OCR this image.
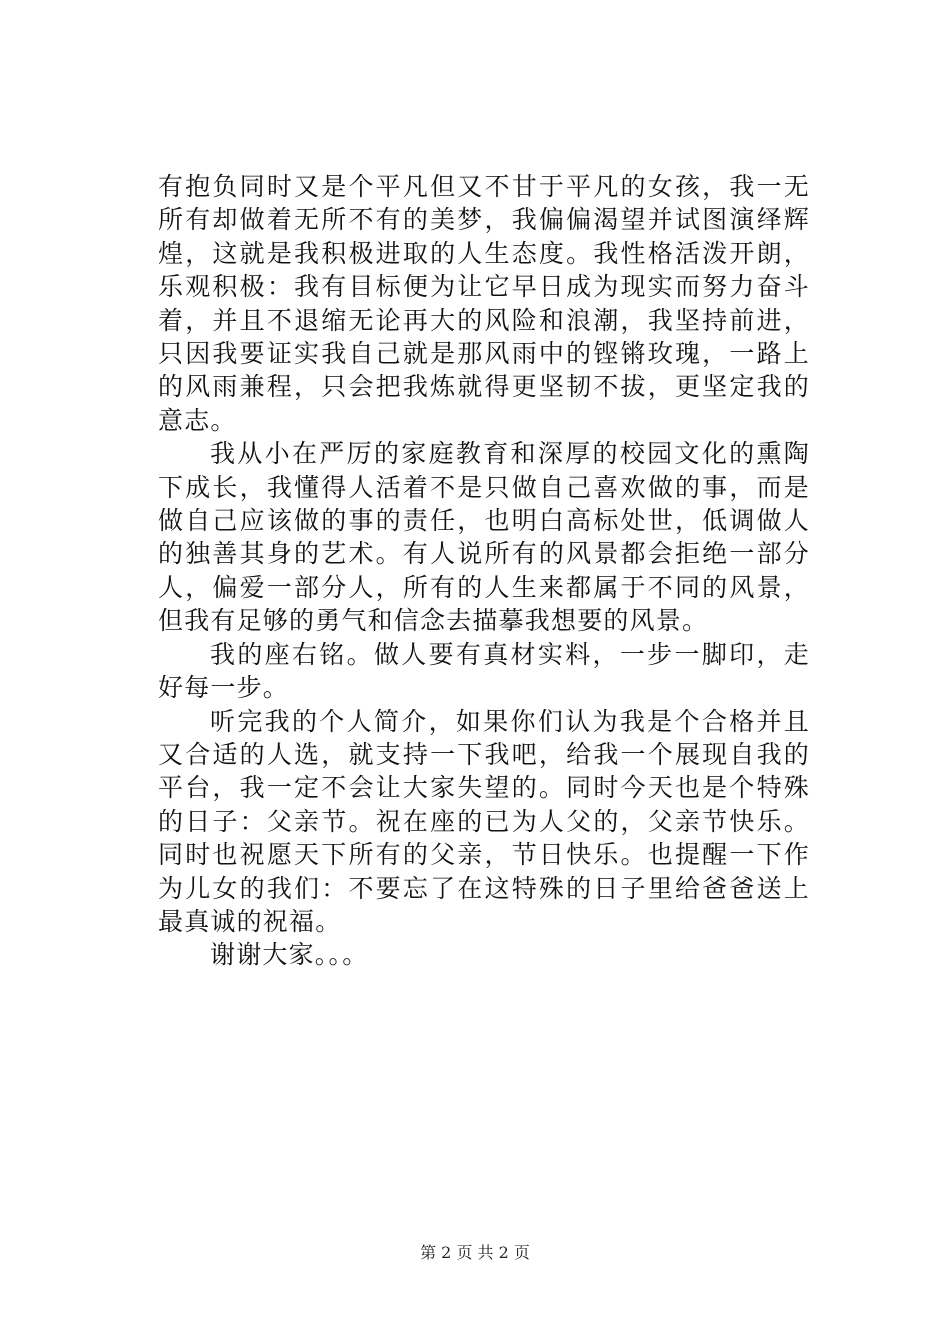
有抱负同时又是个平凡但又不甘于平凡的女孩，我一无所有却做着无所不有的美梦，我偏偏渴望并试图演绎辉煌，这就是我积极进取的人生态度。我性格活泼开朗，乐观积极：我有目标便为让它早日成为现实而努力奋斗着，并且不退缩无论再大的风险和浪潮，我坚持前进，只因我要证实我自己就是那风雨中的铿锵玫瑰，一路上的风雨兼程，只会把我炼就得更坚韧不拔，更坚定我的意志。

我从小在严厉的家庭教育和深厚的校园文化的熏陶下成长，我懂得人活着不是只做自己喜欢做的事，而是做自己应该做的事的责任，也明白高标处世，低调做人的独善其身的艺术。有人说所有的风景都会拒绝一部分人，偏爱一部分人，所有的人生来都属于不同的风景，但我有足够的勇气和信念去描摹我想要的风景。

我的座右铭。做人要有真材实料，一步一脚印，走好每一步。

听完我的个人简介，如果你们认为我是个合格并且又合适的人选，就支持一下我吧，给我一个展现自我的平台，我一定不会让大家失望的。同时今天也是个特殊的日子：父亲节。祝在座的已为人父的，父亲节快乐。同时也祝愿天下所有的父亲，节日快乐。也提醒一下作为儿女的我们：不要忘了在这特殊的日子里给爸爸送上最真诚的祝福。

谢谢大家。。。

第 2 页 共 2 页
